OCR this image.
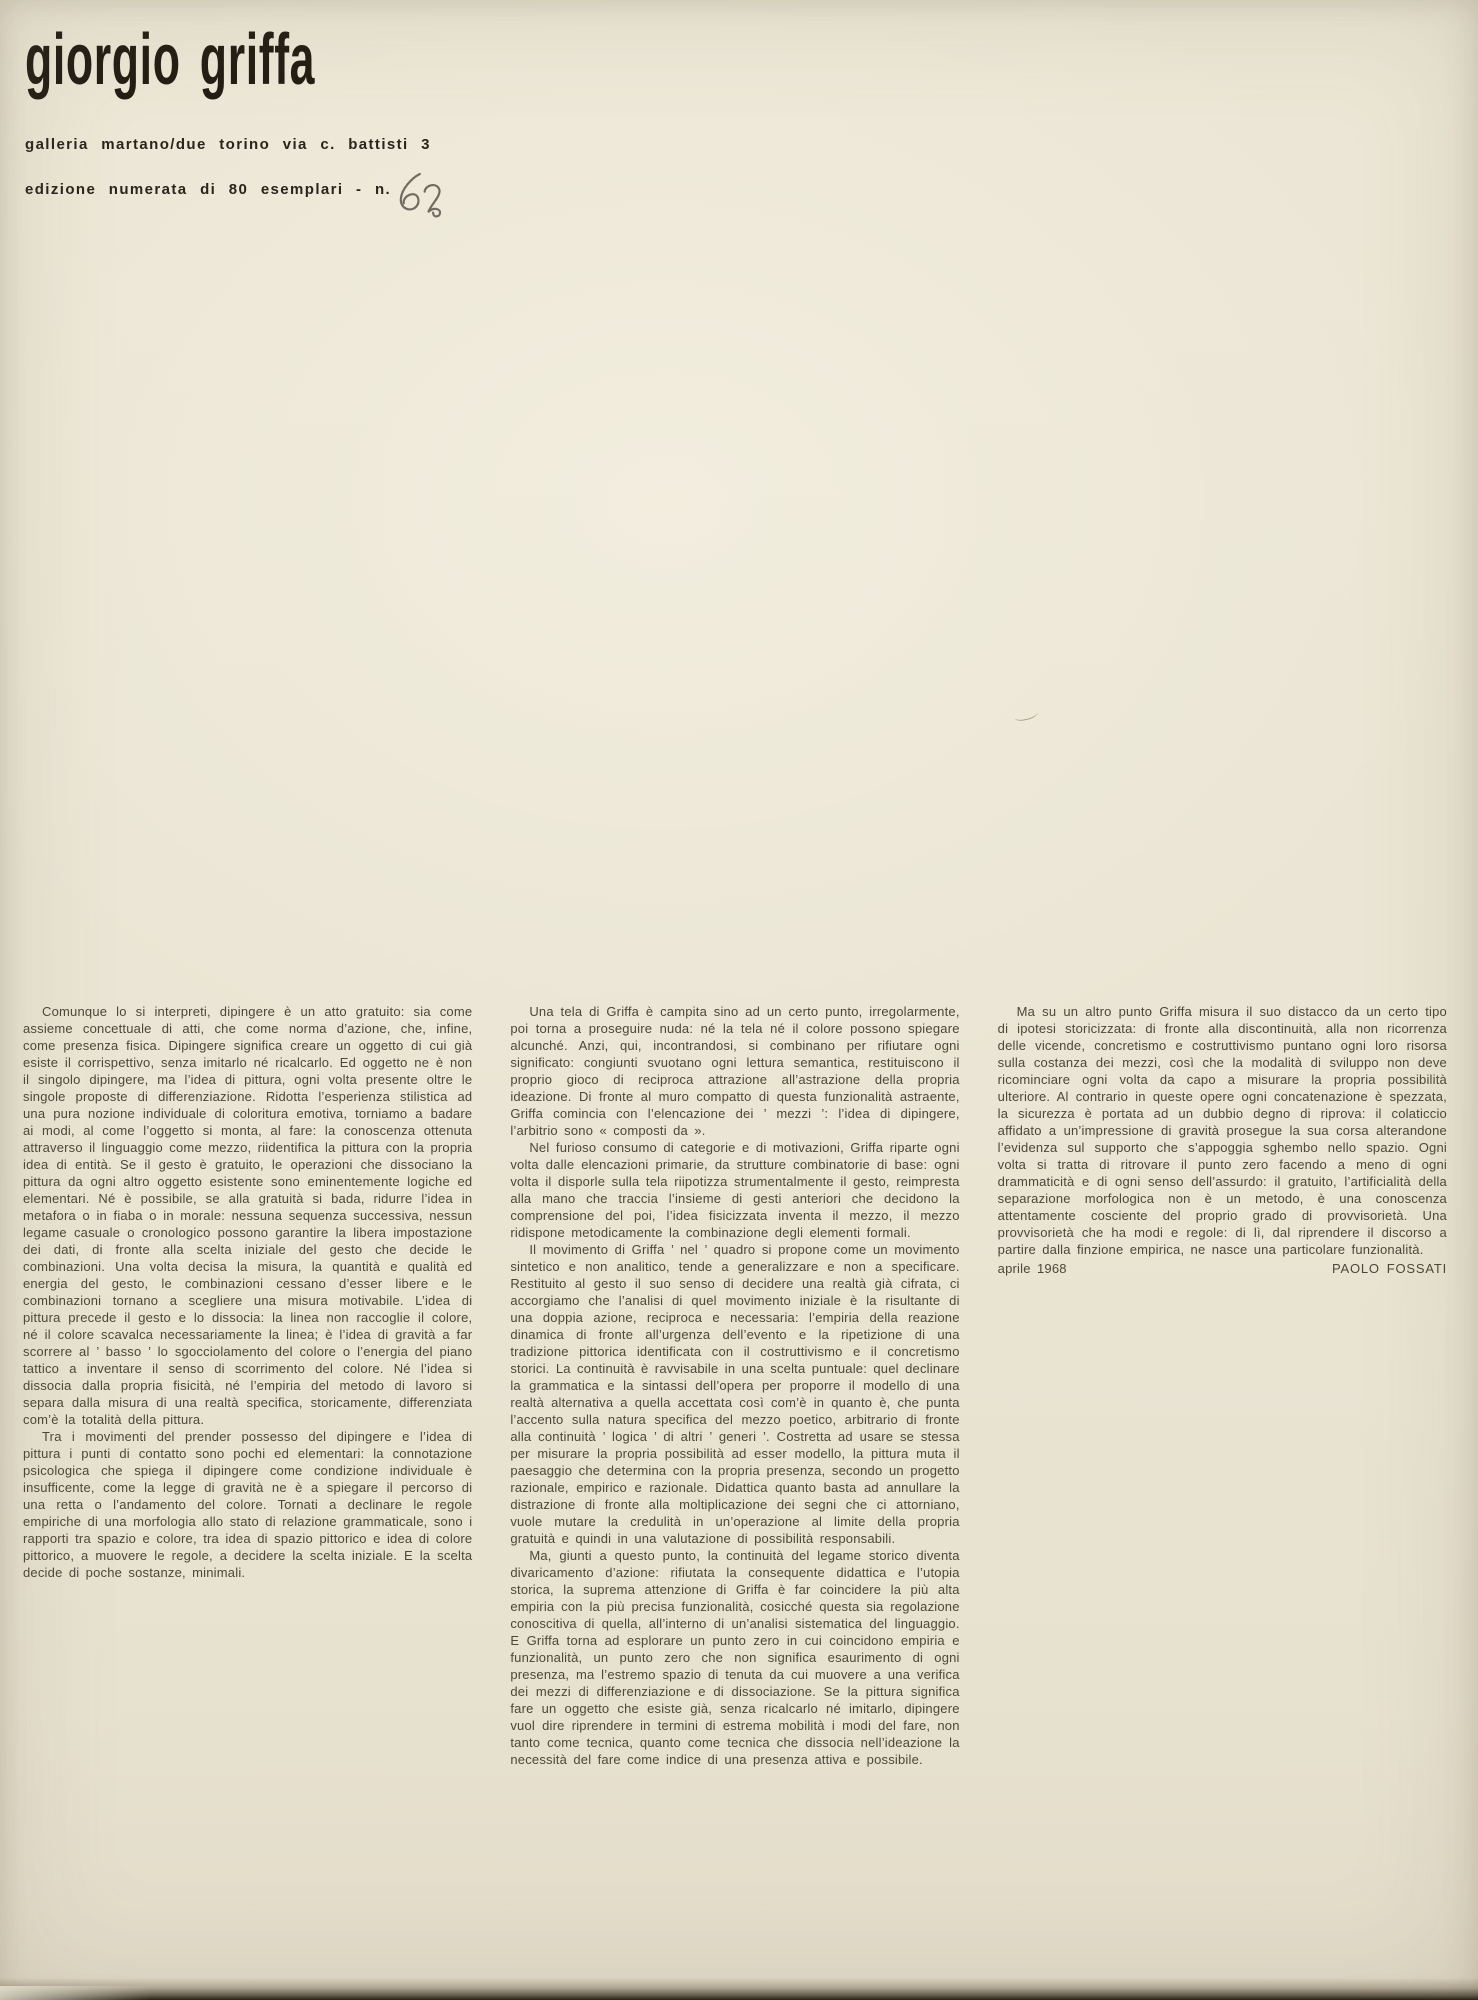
giorgio griffa
galleria martano/due torino via c. battisti 3
edizione numerata di 80 esemplari - n.

Comunque lo si interpreti, dipingere è un atto gratuito: sia come assieme concettuale di atti, che come norma d’azione, che, infine, come presenza fisica. Dipingere significa creare un oggetto di cui già esiste il corrispettivo, senza imitarlo né ricalcarlo. Ed oggetto ne è non il singolo dipingere, ma l’idea di pittura, ogni volta presente oltre le singole proposte di differenziazione. Ridotta l’esperienza stilistica ad una pura nozione individuale di coloritura emotiva, torniamo a badare ai modi, al come l’oggetto si monta, al fare: la conoscenza ottenuta attraverso il linguaggio come mezzo, riidentifica la pittura con la propria idea di entità. Se il gesto è gratuito, le operazioni che dissociano la pittura da ogni altro oggetto esistente sono eminentemente logiche ed elementari. Né è possibile, se alla gratuità si bada, ridurre l’idea in metafora o in fiaba o in morale: nessuna sequenza successiva, nessun legame casuale o cronologico possono garantire la libera impostazione dei dati, di fronte alla scelta iniziale del gesto che decide le combinazioni. Una volta decisa la misura, la quantità e qualità ed energia del gesto, le combinazioni cessano d’esser libere e le combinazioni tornano a scegliere una misura motivabile. L’idea di pittura precede il gesto e lo dissocia: la linea non raccoglie il colore, né il colore scavalca necessariamente la linea; è l’idea di gravità a far scorrere al ’ basso ’ lo sgocciolamento del colore o l’energia del piano tattico a inventare il senso di scorrimento del colore. Né l’idea si dissocia dalla propria fisicità, né l’empiria del metodo di lavoro si separa dalla misura di una realtà specifica, storicamente, differenziata com’è la totalità della pittura.

Tra i movimenti del prender possesso del dipingere e l’idea di pittura i punti di contatto sono pochi ed elementari: la connotazione psicologica che spiega il dipingere come condizione individuale è insufficente, come la legge di gravità ne è a spiegare il percorso di una retta o l’andamento del colore. Tornati a declinare le regole empiriche di una morfologia allo stato di relazione grammaticale, sono i rapporti tra spazio e colore, tra idea di spazio pittorico e idea di colore pittorico, a muovere le regole, a decidere la scelta iniziale. E la scelta decide di poche sostanze, minimali.

Una tela di Griffa è campita sino ad un certo punto, irregolarmente, poi torna a proseguire nuda: né la tela né il colore possono spiegare alcunché. Anzi, qui, incontrandosi, si combinano per rifiutare ogni significato: congiunti svuotano ogni lettura semantica, restituiscono il proprio gioco di reciproca attrazione all’astrazione della propria ideazione. Di fronte al muro compatto di questa funzionalità astraente, Griffa comincia con l’elencazione dei ’ mezzi ’: l’idea di dipingere, l’arbitrio sono « composti da ».

Nel furioso consumo di categorie e di motivazioni, Griffa riparte ogni volta dalle elencazioni primarie, da strutture combinatorie di base: ogni volta il disporle sulla tela riipotizza strumentalmente il gesto, reimpresta alla mano che traccia l’insieme di gesti anteriori che decidono la comprensione del poi, l’idea fisicizzata inventa il mezzo, il mezzo ridispone metodicamente la combinazione degli elementi formali.

Il movimento di Griffa ’ nel ’ quadro si propone come un movimento sintetico e non analitico, tende a generalizzare e non a specificare. Restituito al gesto il suo senso di decidere una realtà già cifrata, ci accorgiamo che l’analisi di quel movimento iniziale è la risultante di una doppia azione, reciproca e necessaria: l’empiria della reazione dinamica di fronte all’urgenza dell’evento e la ripetizione di una tradizione pittorica identificata con il costruttivismo e il concretismo storici. La continuità è ravvisabile in una scelta puntuale: quel declinare la grammatica e la sintassi dell’opera per proporre il modello di una realtà alternativa a quella accettata così com’è in quanto è, che punta l’accento sulla natura specifica del mezzo poetico, arbitrario di fronte alla continuità ’ logica ’ di altri ’ generi ’. Costretta ad usare se stessa per misurare la propria possibilità ad esser modello, la pittura muta il paesaggio che determina con la propria presenza, secondo un progetto razionale, empirico e razionale. Didattica quanto basta ad annullare la distrazione di fronte alla moltiplicazione dei segni che ci attorniano, vuole mutare la credulità in un’operazione al limite della propria gratuità e quindi in una valutazione di possibilità responsabili.

Ma, giunti a questo punto, la continuità del legame storico diventa divaricamento d’azione: rifiutata la consequente didattica e l’utopia storica, la suprema attenzione di Griffa è far coincidere la più alta empiria con la più precisa funzionalità, cosicché questa sia regolazione conoscitiva di quella, all’interno di un’analisi sistematica del linguaggio. E Griffa torna ad esplorare un punto zero in cui coincidono empiria e funzionalità, un punto zero che non significa esaurimento di ogni presenza, ma l’estremo spazio di tenuta da cui muovere a una verifica dei mezzi di differenziazione e di dissociazione. Se la pittura significa fare un oggetto che esiste già, senza ricalcarlo né imitarlo, dipingere vuol dire riprendere in termini di estrema mobilità i modi del fare, non tanto come tecnica, quanto come tecnica che dissocia nell’ideazione la necessità del fare come indice di una presenza attiva e possibile.

Ma su un altro punto Griffa misura il suo distacco da un certo tipo di ipotesi storicizzata: di fronte alla discontinuità, alla non ricorrenza delle vicende, concretismo e costruttivismo puntano ogni loro risorsa sulla costanza dei mezzi, così che la modalità di sviluppo non deve ricominciare ogni volta da capo a misurare la propria possibilità ulteriore. Al contrario in queste opere ogni concatenazione è spezzata, la sicurezza è portata ad un dubbio degno di riprova: il colaticcio affidato a un’impressione di gravità prosegue la sua corsa alterandone l’evidenza sul supporto che s’appoggia sghembo nello spazio. Ogni volta si tratta di ritrovare il punto zero facendo a meno di ogni drammaticità e di ogni senso dell’assurdo: il gratuito, l’artificialità della separazione morfologica non è un metodo, è una conoscenza attentamente cosciente del proprio grado di provvisorietà. Una provvisorietà che ha modi e regole: di lì, dal riprendere il discorso a partire dalla finzione empirica, ne nasce una particolare funzionalità.

aprile 1968	PAOLO FOSSATI
